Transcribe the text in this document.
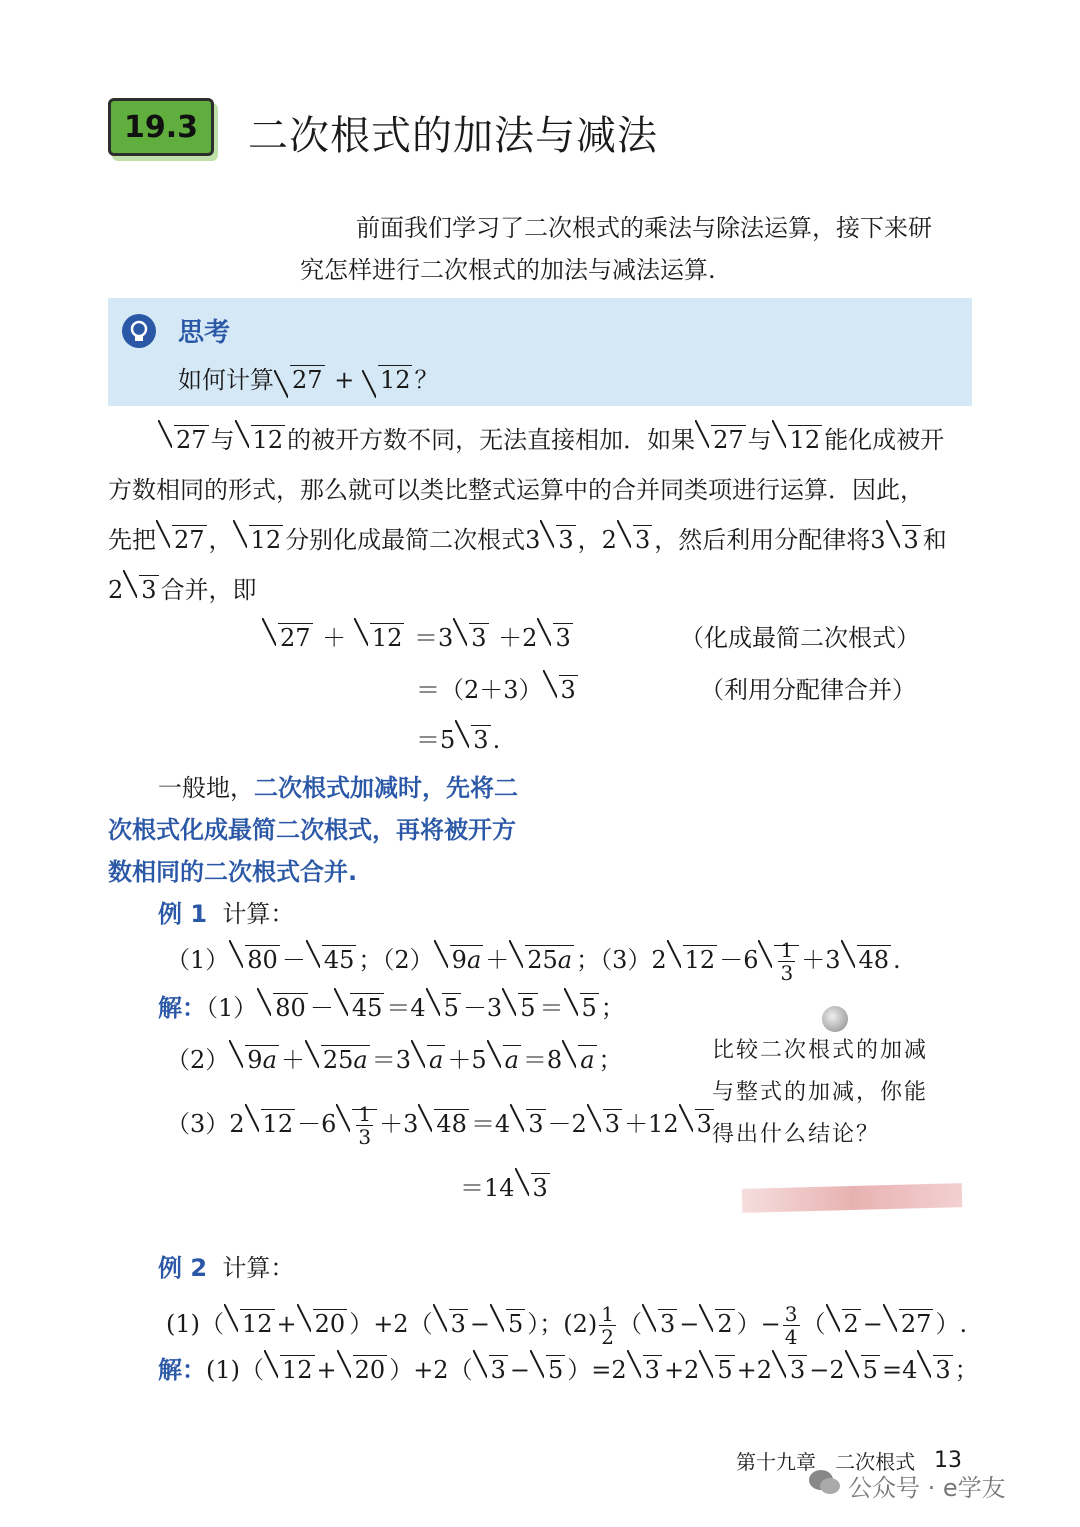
19.3	二次根式的加法与减法
前面我们学习了二次根式的乘法与除法运算，接下来研
究怎样进行二次根式的加法与减法运算.
思考
如何计算 27 + 12 ？
27 与 12 的被开方数不同，无法直接相加．如果 27 与 12 能化成被开
方数相同的形式，那么就可以类比整式运算中的合并同类项进行运算．因此，
先把 27 ， 12 分别化成最简二次根式3 3 ，2 3 ，然后利用分配律将3 3 和
2 3 合并，即
27 ＋ 12 ＝3 3 ＋2 3	（化成最简二次根式）
＝（2＋3） 3	（利用分配律合并）
＝5 3 .
一般地，二次根式加减时，先将二
次根式化成最简二次根式，再将被开方
数相同的二次根式合并.
例 1 计算：
（1） 80 － 45 ；（2） 9a ＋ 25a ；（3）2 $12 -6 \frac{1}{3} +3$ 48 .
解：（1） 80 － 45 ＝4 5 －3 5 ＝ 5 ；
（2） 9a ＋ 25a ＝3 a ＋5 a ＝8 a ；
（3）2 $12 -6 \frac{1}{3} +3$ 48 ＝4 3 －2 3 ＋12 3
＝14 3
比较二次根式的加减
与整式的加减，你能
得出什么结论？
例 2 计算：
(1)（ 12 + 20 ）+2（ 3 − 5 ）；$(2) \frac{1}{2}$ （ 3 − 2 ）− $\frac{3}{4}$ （ 2 − 27 ）.
解：(1)（ 12 + 20 ）+2（ 3 − 5 ）=2 3 +2 5 +2 3 −2 5 =4 3 ；
第十九章 二次根式 13
公众号 · e学友
